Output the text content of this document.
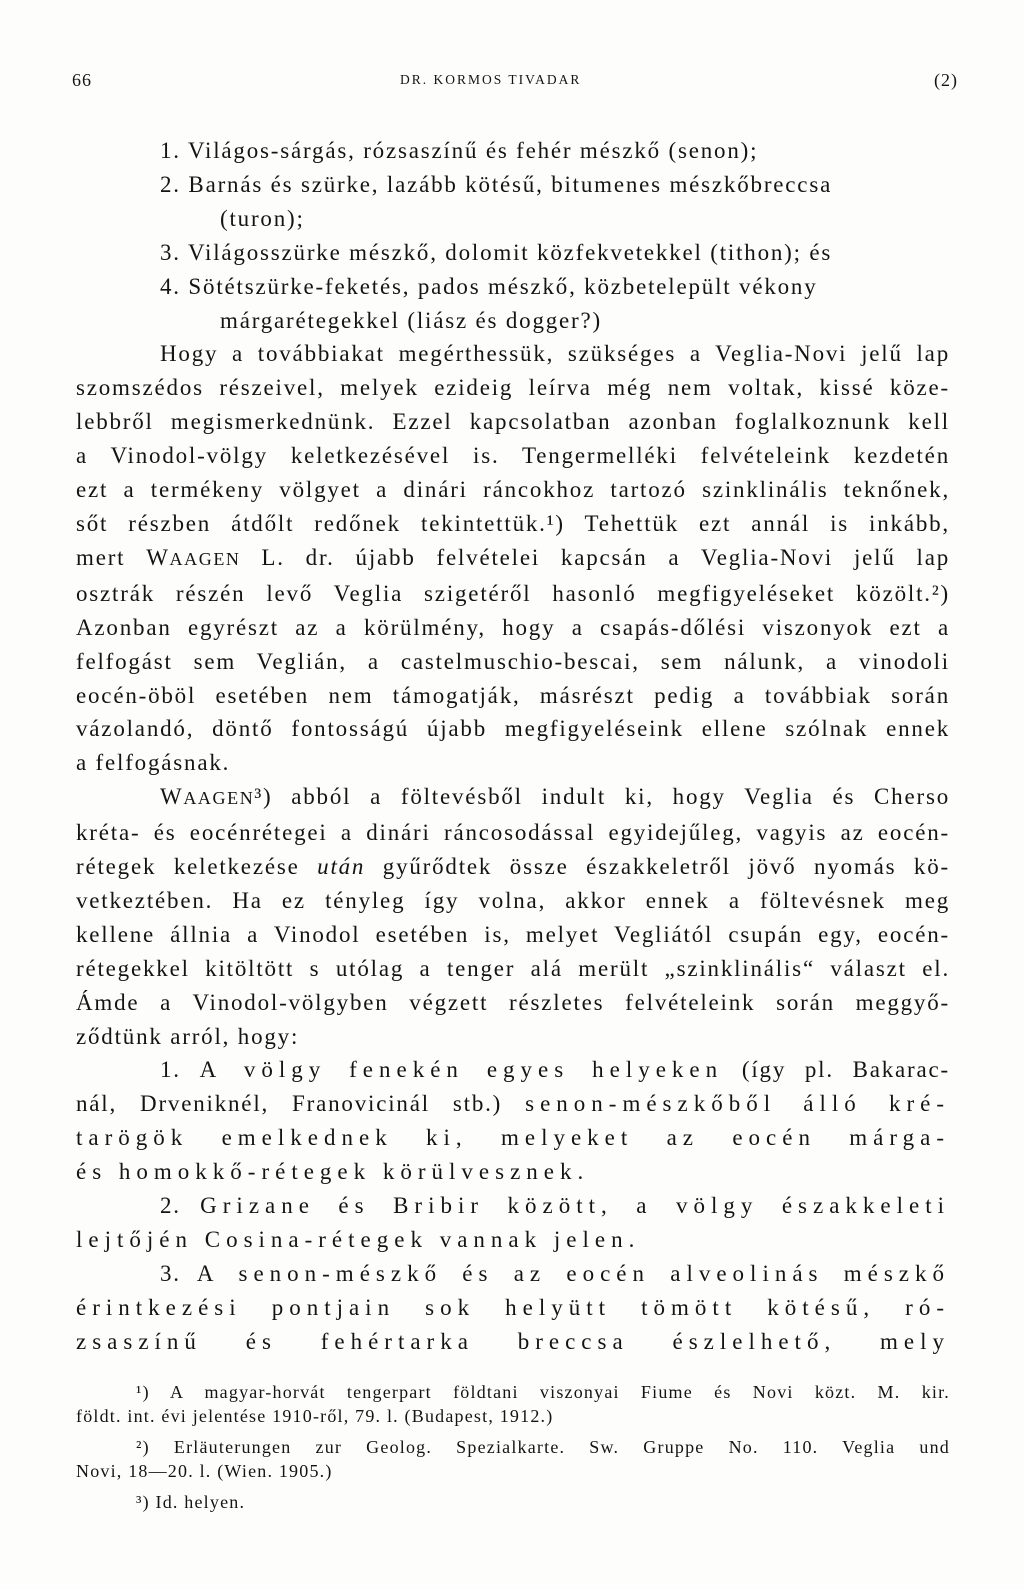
66	DR. KORMOS TIVADAR	(2)
1. Világos-sárgás, rózsaszínű és fehér mészkő (senon);
2. Barnás és szürke, lazább kötésű, bitumenes mészkőbreccsa
(turon);
3. Világosszürke mészkő, dolomit közfekvetekkel (tithon); és
4. Sötétszürke-feketés, pados mészkő, közbetelepült vékony
márgarétegekkel (liász és dogger?)
Hogy a továbbiakat megérthessük, szükséges a Veglia-Novi jelű lap
szomszédos részeivel, melyek ezideig leírva még nem voltak, kissé köze-
lebbről megismerkednünk. Ezzel kapcsolatban azonban foglalkoznunk kell
a Vinodol-völgy keletkezésével is. Tengermelléki felvételeink kezdetén
ezt a termékeny völgyet a dinári ráncokhoz tartozó szinklinális teknőnek,
sőt részben átdőlt redőnek tekintettük.¹) Tehettük ezt annál is inkább,
mert WAAGEN L. dr. újabb felvételei kapcsán a Veglia-Novi jelű lap
osztrák részén levő Veglia szigetéről hasonló megfigyeléseket közölt.²)
Azonban egyrészt az a körülmény, hogy a csapás-dőlési viszonyok ezt a
felfogást sem Veglián, a castelmuschio-bescai, sem nálunk, a vinodoli
eocén-öböl esetében nem támogatják, másrészt pedig a továbbiak során
vázolandó, döntő fontosságú újabb megfigyeléseink ellene szólnak ennek
a felfogásnak.
WAAGEN³) abból a föltevésből indult ki, hogy Veglia és Cherso
kréta- és eocénrétegei a dinári ráncosodással egyidejűleg, vagyis az eocén-
rétegek keletkezése után gyűrődtek össze északkeletről jövő nyomás kö-
vetkeztében. Ha ez tényleg így volna, akkor ennek a föltevésnek meg
kellene állnia a Vinodol esetében is, melyet Vegliától csupán egy, eocén-
rétegekkel kitöltött s utólag a tenger alá merült „szinklinális“ választ el.
Ámde a Vinodol-völgyben végzett részletes felvételeink során meggyő-
ződtünk arról, hogy:
1. A völgy fenekén egyes helyeken (így pl. Bakarac-
nál, Drveniknél, Franovicinál stb.) senon-mészkőből álló kré-
tarögök emelkednek ki, melyeket az eocén márga-
és homokkő-rétegek körülvesznek.
2. Grizane és Bribir között, a völgy északkeleti
lejtőjén Cosina-rétegek vannak jelen.
3. A senon-mészkő és az eocén alveolinás mészkő
érintkezési pontjain sok helyütt tömött kötésű, ró-
zsaszínű és fehértarka breccsa észlelhető, mely
¹) A magyar-horvát tengerpart földtani viszonyai Fiume és Novi közt. M. kir.
földt. int. évi jelentése 1910-ről, 79. l. (Budapest, 1912.)
²) Erläuterungen zur Geolog. Spezialkarte. Sw. Gruppe No. 110. Veglia und
Novi, 18—20. l. (Wien. 1905.)
³) Id. helyen.
